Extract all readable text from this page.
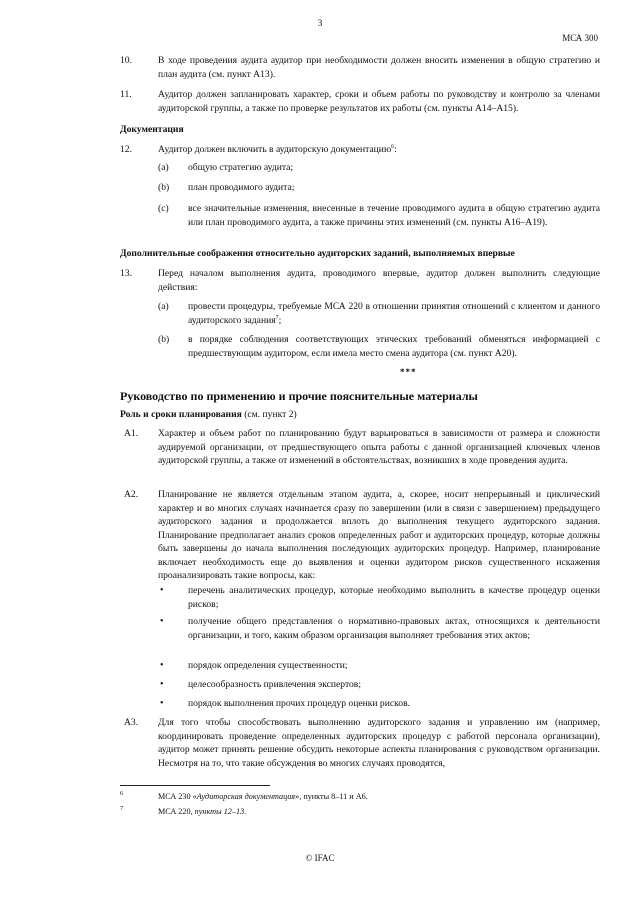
3
МСА 300
10.	В ходе проведения аудита аудитор при необходимости должен вносить изменения в общую стратегию и план аудита (см. пункт А13).
11.	Аудитор должен запланировать характер, сроки и объем работы по руководству и контролю за членами аудиторской группы, а также по проверке результатов их работы (см. пункты А14–А15).
Документация
12.	Аудитор должен включить в аудиторскую документацию$^6$:
(a) общую стратегию аудита;
(b) план проводимого аудита;
(c) все значительные изменения, внесенные в течение проводимого аудита в общую стратегию аудита или план проводимого аудита, а также причины этих изменений (см. пункты А16–А19).
Дополнительные соображения относительно аудиторских заданий, выполняемых впервые
13.	Перед началом выполнения аудита, проводимого впервые, аудитор должен выполнить следующие действия:
(a) провести процедуры, требуемые МСА 220 в отношении принятия отношений с клиентом и данного аудиторского задания$^7$;
(b) в порядке соблюдения соответствующих этических требований обменяться информацией с предшествующим аудитором, если имела место смена аудитора (см. пункт А20).
***
Руководство по применению и прочие пояснительные материалы
Роль и сроки планирования (см. пункт 2)
А1. Характер и объем работ по планированию будут варьироваться в зависимости от размера и сложности аудируемой организации, от предшествующего опыта работы с данной организацией ключевых членов аудиторской группы, а также от изменений в обстоятельствах, возникших в ходе проведения аудита.
А2. Планирование не является отдельным этапом аудита, а, скорее, носит непрерывный и циклический характер и во многих случаях начинается сразу по завершении (или в связи с завершением) предыдущего аудиторского задания и продолжается вплоть до выполнения текущего аудиторского задания. Планирование предполагает анализ сроков определенных работ и аудиторских процедур, которые должны быть завершены до начала выполнения последующих аудиторских процедур. Например, планирование включает необходимость еще до выявления и оценки аудитором рисков существенного искажения проанализировать такие вопросы, как:
•	перечень аналитических процедур, которые необходимо выполнить в качестве процедур оценки рисков;
•	получение общего представления о нормативно-правовых актах, относящихся к деятельности организации, и того, каким образом организация выполняет требования этих актов;
•	порядок определения существенности;
•	целесообразность привлечения экспертов;
•	порядок выполнения прочих процедур оценки рисков.
А3. Для того чтобы способствовать выполнению аудиторского задания и управлению им (например, координировать проведение определенных аудиторских процедур с работой персонала организации), аудитор может принять решение обсудить некоторые аспекты планирования с руководством организации. Несмотря на то, что такие обсуждения во многих случаях проводятся,
6	МСА 230 «Аудиторская документация», пункты 8–11 и А6.
7	МСА 220, пункты 12–13.
© IFAC
